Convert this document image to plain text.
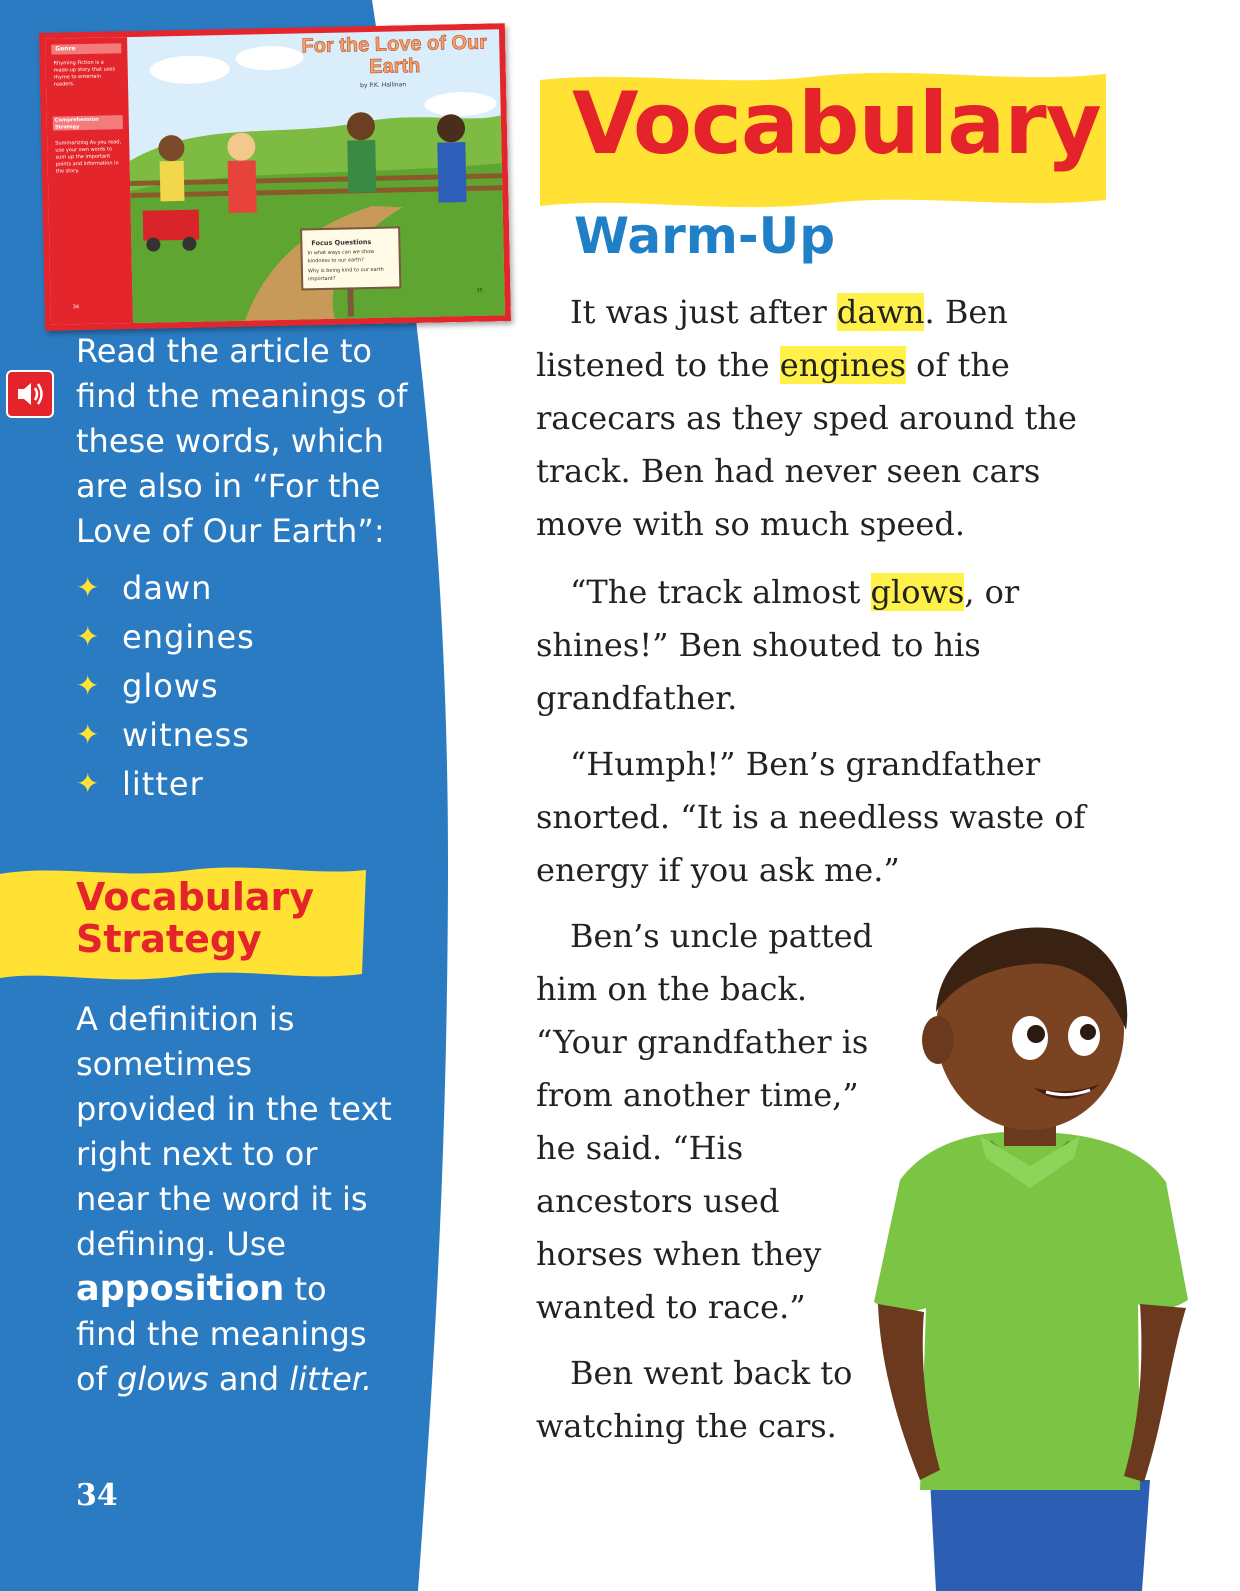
For the Love of Our Earth
by P.K. Hallinan
Genre
Rhyming Fiction is a made-up story that uses rhyme to entertain readers.
Comprehension Strategy
Summarizing As you read, use your own words to sum up the important points and information in the story.
Focus Questions
In what ways can we show kindness to our earth?
Why is being kind to our earth important?
34
35
Read the article to find the meanings of these words, which are also in “For the Love of Our Earth”:
✦ dawn
✦ engines
✦ glows
✦ witness
✦ litter
Vocabulary
Strategy
A definition is sometimes provided in the text right next to or near the word it is defining. Use apposition to find the meanings of glows and litter.
34
Vocabulary
Warm-Up

It was just after dawn. Ben listened to the engines of the racecars as they sped around the track. Ben had never seen cars move with so much speed.

“The track almost glows, or shines!” Ben shouted to his grandfather.

“Humph!” Ben’s grandfather snorted. “It is a needless waste of energy if you ask me.”

Ben’s uncle patted him on the back. “Your grandfather is from another time,” he said. “His ancestors used horses when they wanted to race.”

Ben went back to watching the cars.
